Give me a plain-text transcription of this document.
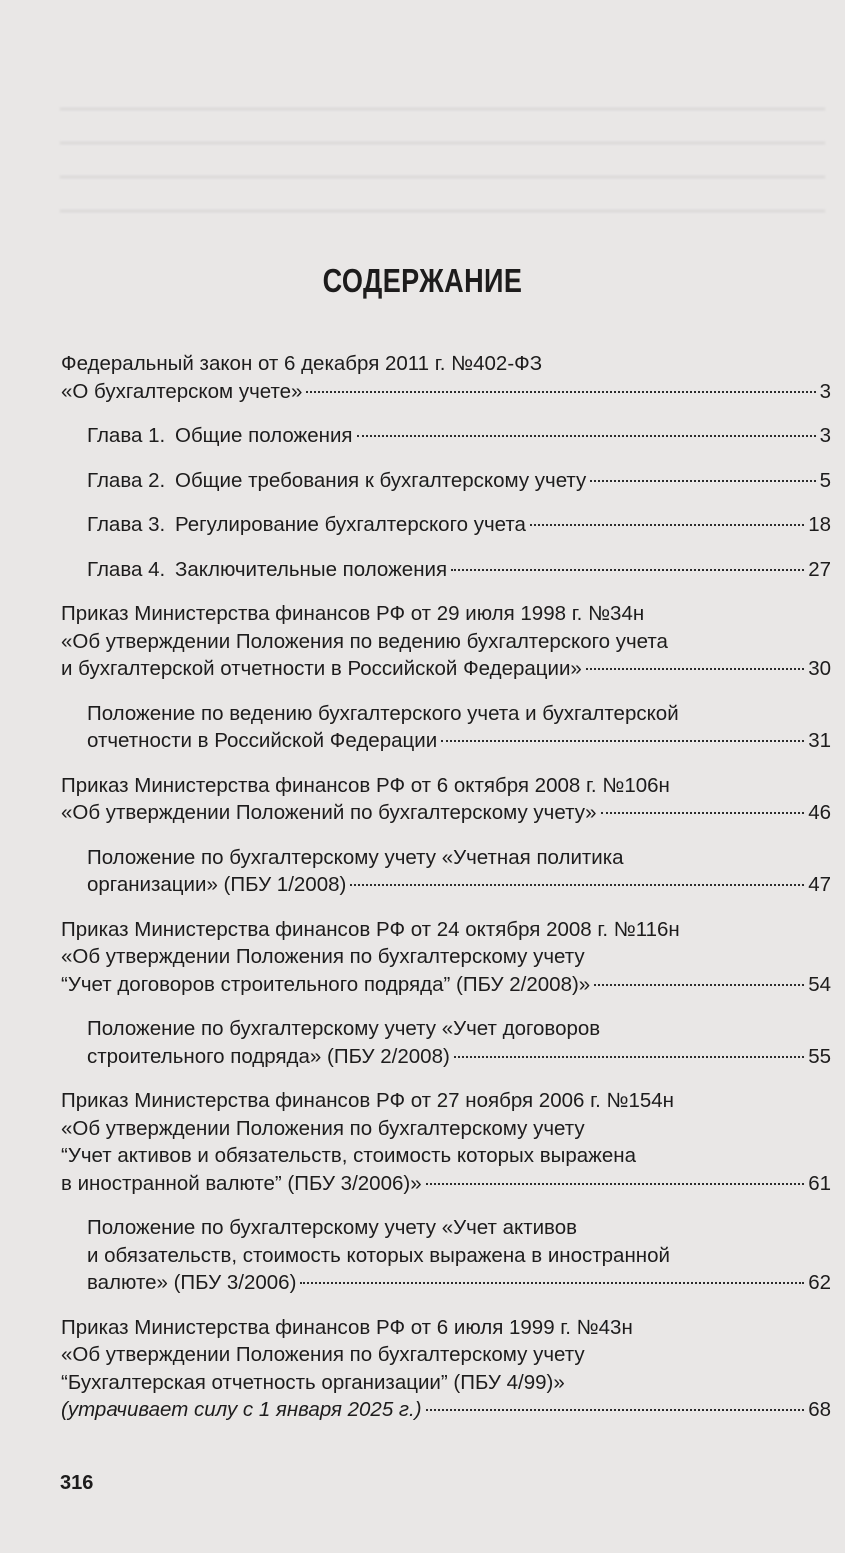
СОДЕРЖАНИЕ
Федеральный закон от 6 декабря 2011 г. №402-ФЗ
«О бухгалтерском учете»	3
Глава 1. Общие положения	3
Глава 2. Общие требования к бухгалтерскому учету	5
Глава 3. Регулирование бухгалтерского учета	18
Глава 4. Заключительные положения	27
Приказ Министерства финансов РФ от 29 июля 1998 г. №34н
«Об утверждении Положения по ведению бухгалтерского учета
и бухгалтерской отчетности в Российской Федерации»	30
Положение по ведению бухгалтерского учета и бухгалтерской
отчетности в Российской Федерации	31
Приказ Министерства финансов РФ от 6 октября 2008 г. №106н
«Об утверждении Положений по бухгалтерскому учету»	46
Положение по бухгалтерскому учету «Учетная политика
организации» (ПБУ 1/2008)	47
Приказ Министерства финансов РФ от 24 октября 2008 г. №116н
«Об утверждении Положения по бухгалтерскому учету
“Учет договоров строительного подряда” (ПБУ 2/2008)»	54
Положение по бухгалтерскому учету «Учет договоров
строительного подряда» (ПБУ 2/2008)	55
Приказ Министерства финансов РФ от 27 ноября 2006 г. №154н
«Об утверждении Положения по бухгалтерскому учету
“Учет активов и обязательств, стоимость которых выражена
в иностранной валюте” (ПБУ 3/2006)»	61
Положение по бухгалтерскому учету «Учет активов
и обязательств, стоимость которых выражена в иностранной
валюте» (ПБУ 3/2006)	62
Приказ Министерства финансов РФ от 6 июля 1999 г. №43н
«Об утверждении Положения по бухгалтерскому учету
“Бухгалтерская отчетность организации” (ПБУ 4/99)»
(утрачивает силу с 1 января 2025 г.)	68
316
